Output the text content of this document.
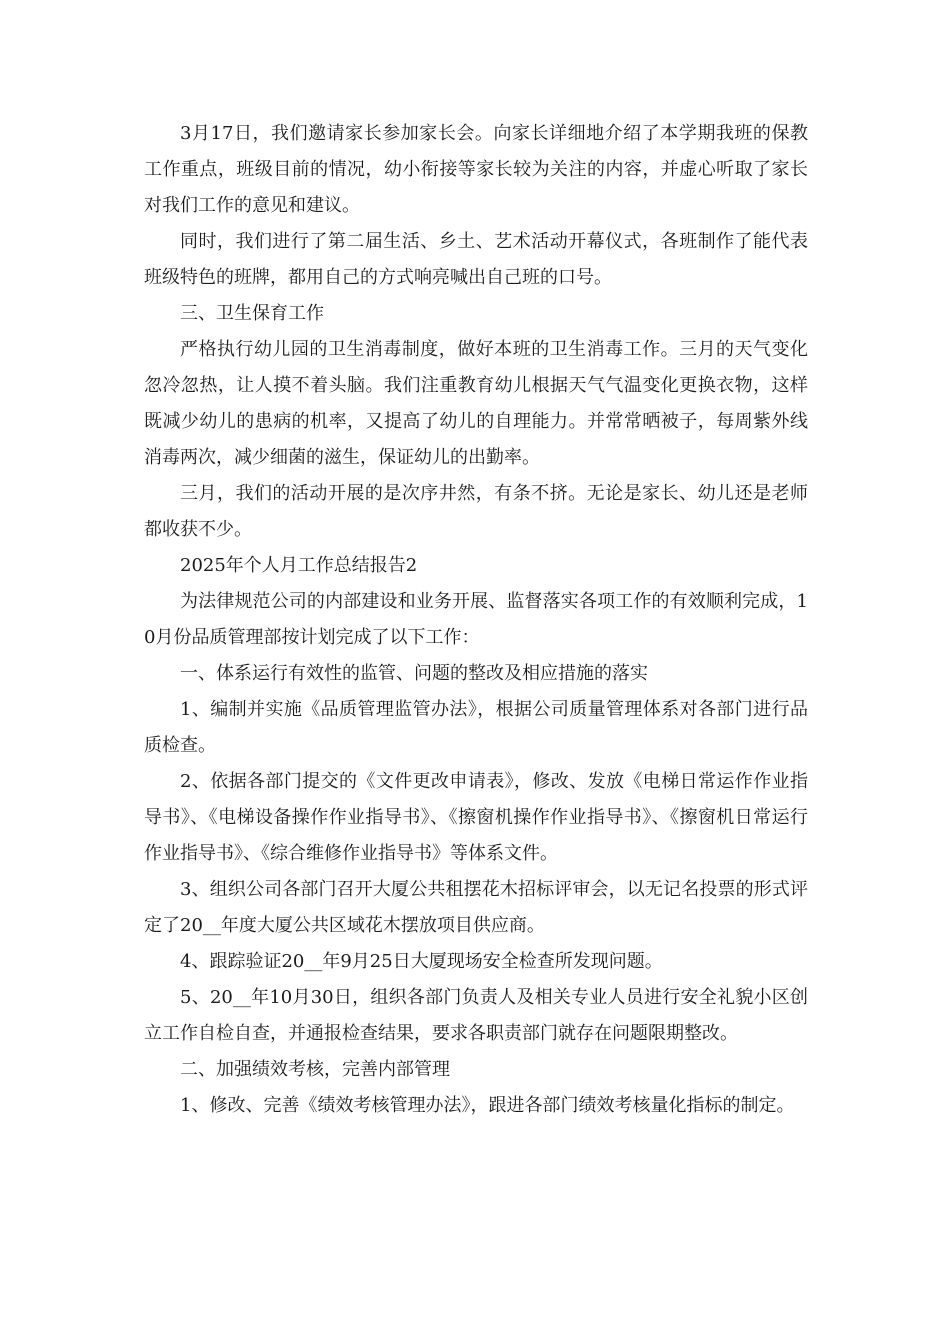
3月17日，我们邀请家长参加家长会。向家长详细地介绍了本学期我班的保教工作重点，班级目前的情况，幼小衔接等家长较为关注的内容，并虚心听取了家长对我们工作的意见和建议。

同时，我们进行了第二届生活、乡土、艺术活动开幕仪式，各班制作了能代表班级特色的班牌，都用自己的方式响亮喊出自己班的口号。

三、卫生保育工作

严格执行幼儿园的卫生消毒制度，做好本班的卫生消毒工作。三月的天气变化忽冷忽热，让人摸不着头脑。我们注重教育幼儿根据天气气温变化更换衣物，这样既减少幼儿的患病的机率，又提高了幼儿的自理能力。并常常晒被子，每周紫外线消毒两次，减少细菌的滋生，保证幼儿的出勤率。

三月，我们的活动开展的是次序井然，有条不挤。无论是家长、幼儿还是老师都收获不少。

2025年个人月工作总结报告2

为法律规范公司的内部建设和业务开展、监督落实各项工作的有效顺利完成，10月份品质管理部按计划完成了以下工作：

一、体系运行有效性的监管、问题的整改及相应措施的落实

1、编制并实施《品质管理监管办法》，根据公司质量管理体系对各部门进行品质检查。

2、依据各部门提交的《文件更改申请表》，修改、发放《电梯日常运作作业指导书》、《电梯设备操作作业指导书》、《擦窗机操作作业指导书》、《擦窗机日常运行作业指导书》、《综合维修作业指导书》等体系文件。

3、组织公司各部门召开大厦公共租摆花木招标评审会，以无记名投票的形式评定了20__年度大厦公共区域花木摆放项目供应商。

4、跟踪验证20__年9月25日大厦现场安全检查所发现问题。

5、20__年10月30日，组织各部门负责人及相关专业人员进行安全礼貌小区创立工作自检自查，并通报检查结果，要求各职责部门就存在问题限期整改。

二、加强绩效考核，完善内部管理

1、修改、完善《绩效考核管理办法》，跟进各部门绩效考核量化指标的制定。
